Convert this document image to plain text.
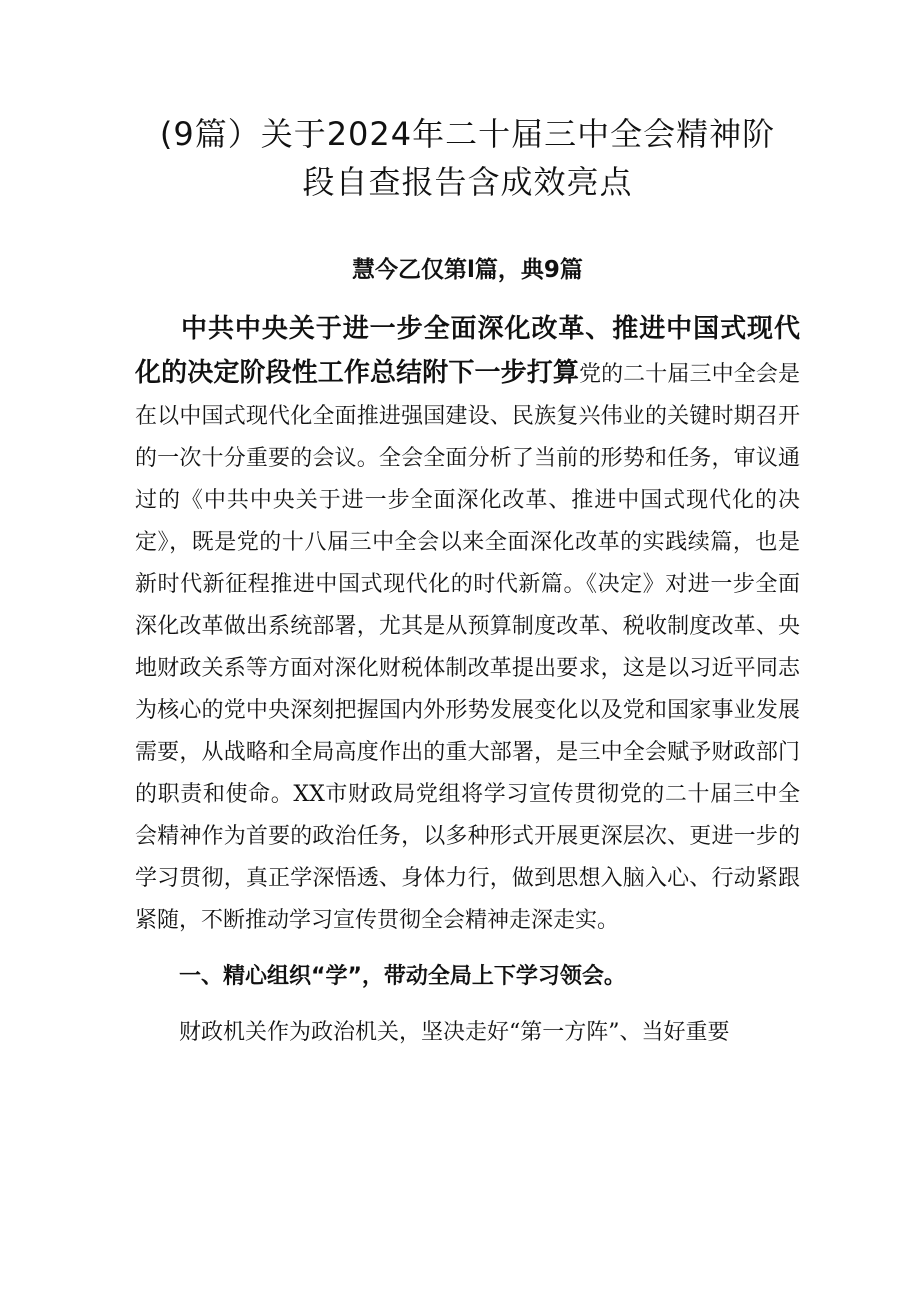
(9篇）关于2024年二十届三中全会精神阶
段自查报告含成效亮点
慧今乙仅第l篇，典9篇

中共中央关于进一步全面深化改革、推进中国式现代化的决定阶段性工作总结附下一步打算党的二十届三中全会是在以中国式现代化全面推进强国建设、民族复兴伟业的关键时期召开的一次十分重要的会议。全会全面分析了当前的形势和任务，审议通过的《中共中央关于进一步全面深化改革、推进中国式现代化的决定》，既是党的十八届三中全会以来全面深化改革的实践续篇，也是新时代新征程推进中国式现代化的时代新篇。《决定》对进一步全面深化改革做出系统部署，尤其是从预算制度改革、税收制度改革、央地财政关系等方面对深化财税体制改革提出要求，这是以习近平同志为核心的党中央深刻把握国内外形势发展变化以及党和国家事业发展需要，从战略和全局高度作出的重大部署，是三中全会赋予财政部门的职责和使命。XX市财政局党组将学习宣传贯彻党的二十届三中全会精神作为首要的政治任务，以多种形式开展更深层次、更进一步的学习贯彻，真正学深悟透、身体力行，做到思想入脑入心、行动紧跟紧随，不断推动学习宣传贯彻全会精神走深走实。

一、精心组织“学”，带动全局上下学习领会。

财政机关作为政治机关，坚决走好“第一方阵”、当好重要
